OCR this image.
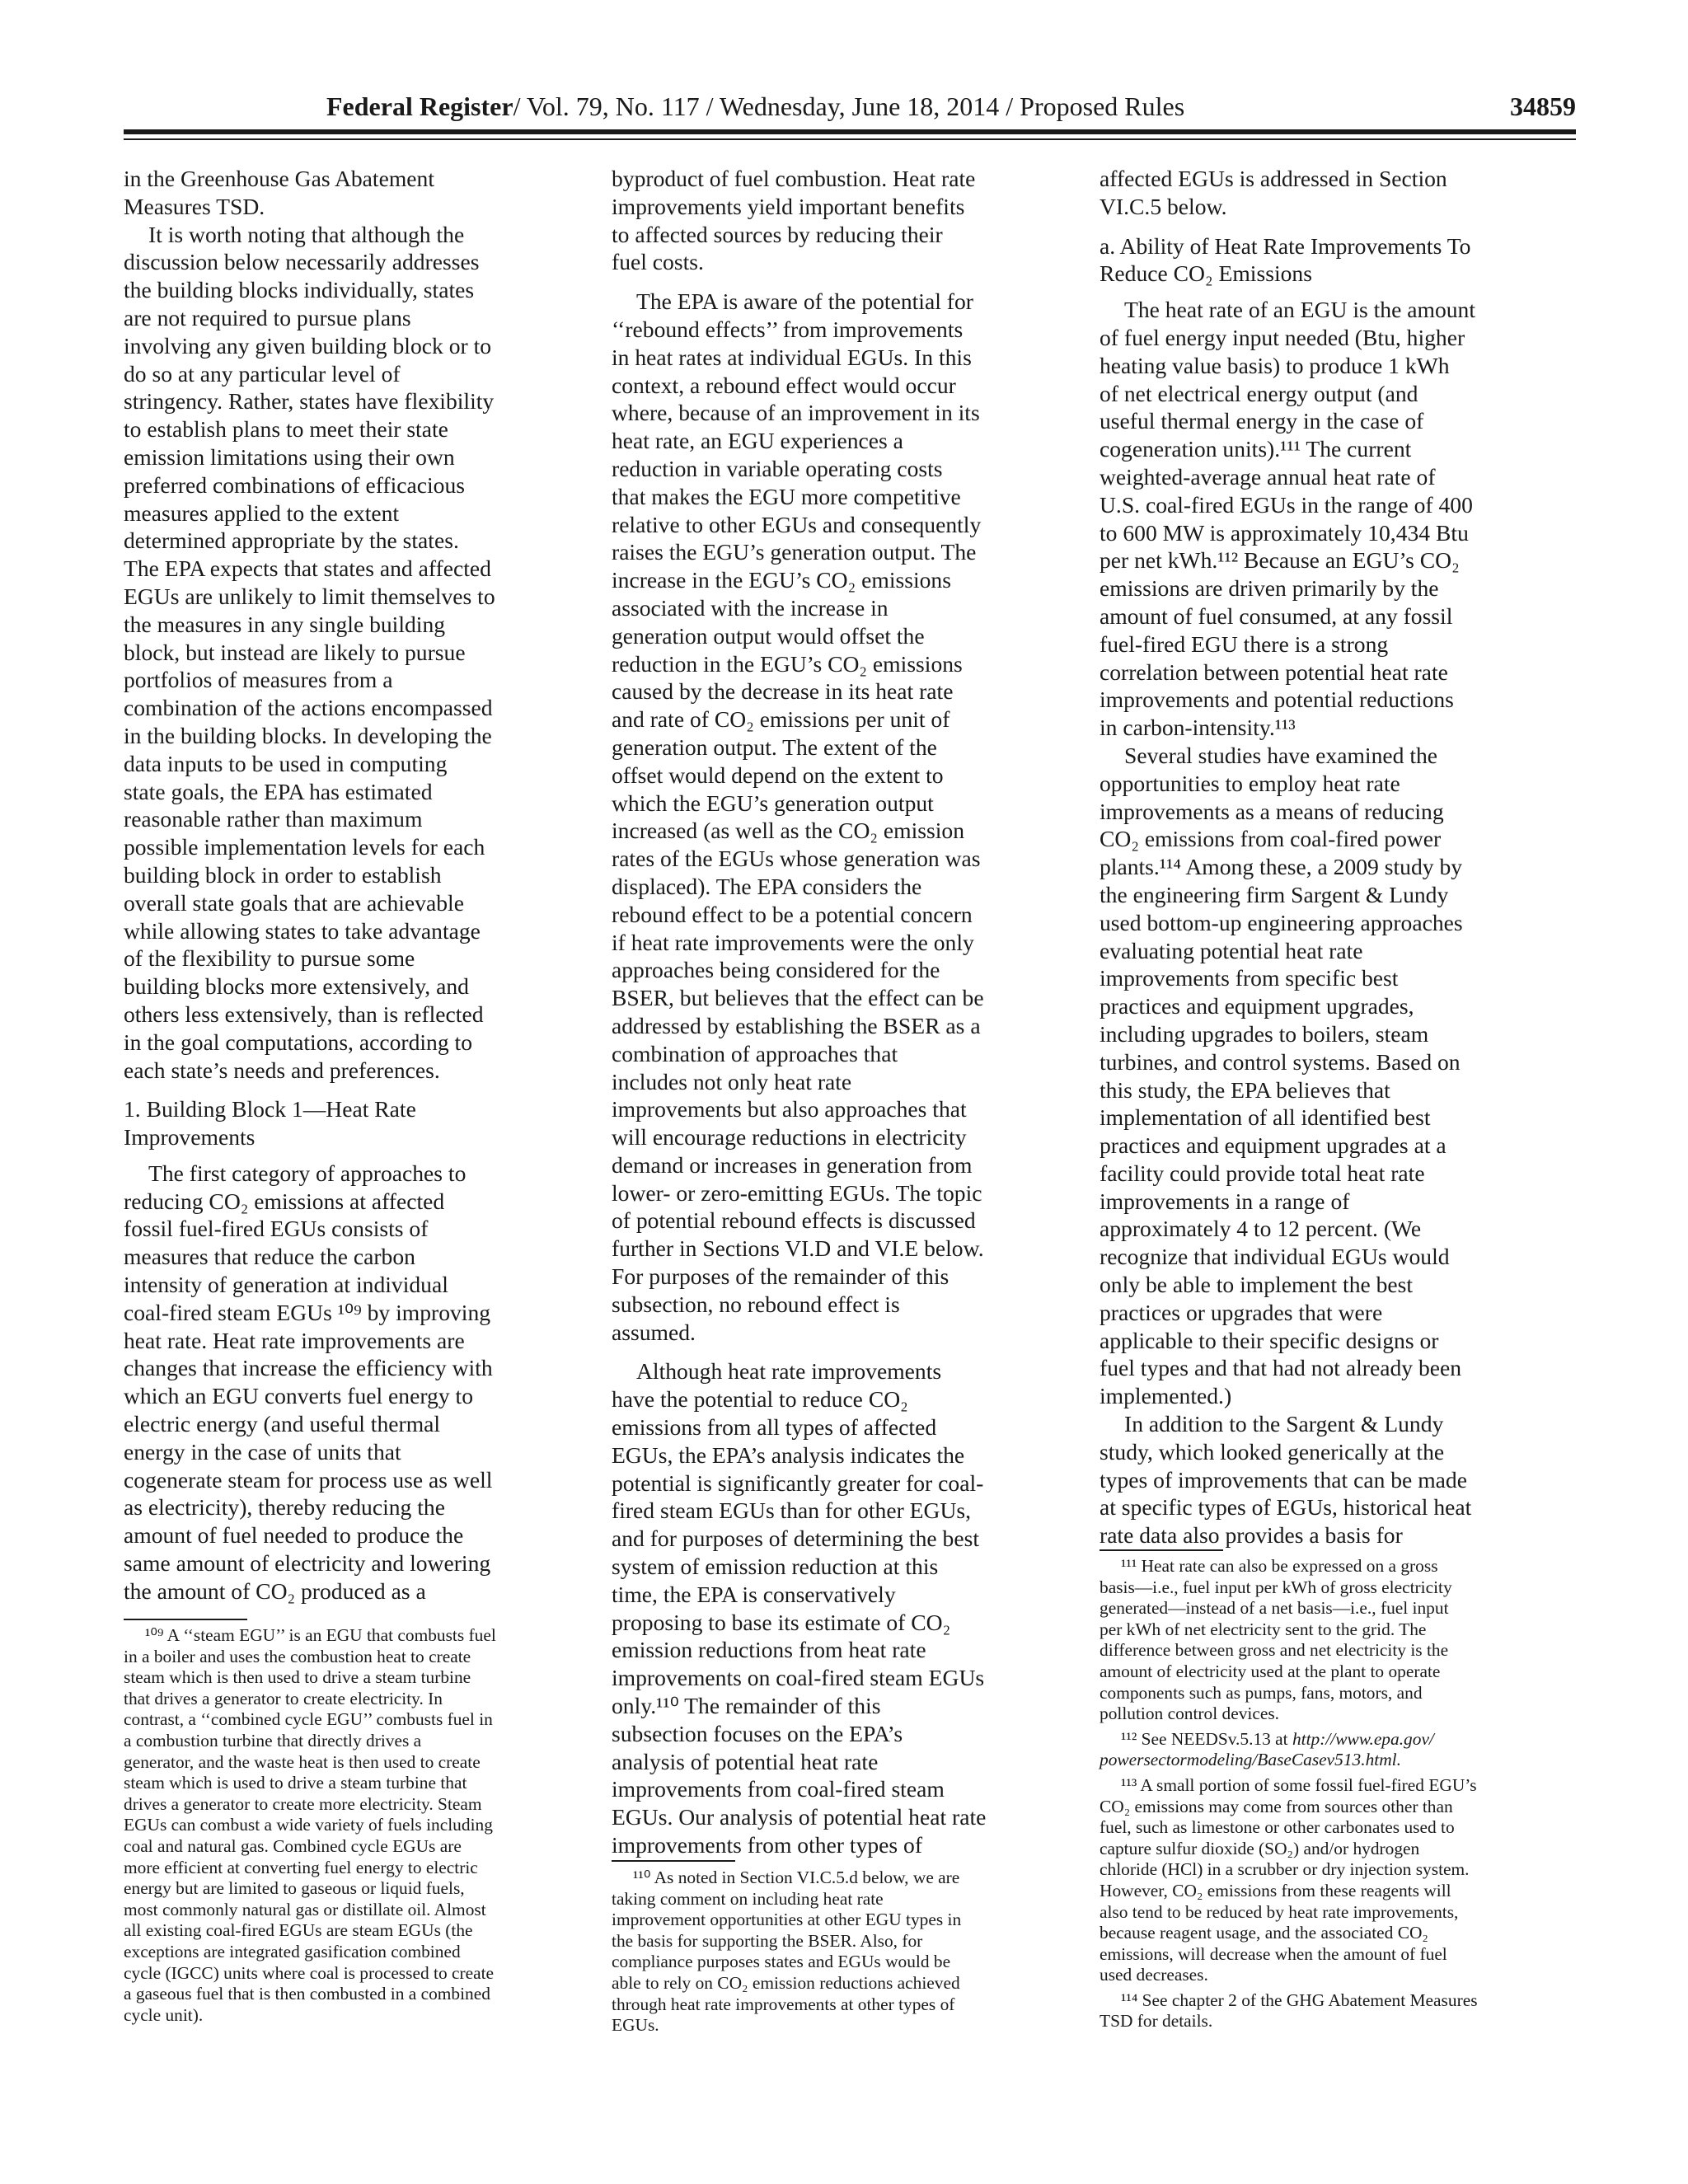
Federal Register/ Vol. 79, No. 117 / Wednesday, June 18, 2014 / Proposed Rules	34859

in the Greenhouse Gas Abatement
Measures TSD.

It is worth noting that although the
discussion below necessarily addresses
the building blocks individually, states
are not required to pursue plans
involving any given building block or to
do so at any particular level of
stringency. Rather, states have flexibility
to establish plans to meet their state
emission limitations using their own
preferred combinations of efficacious
measures applied to the extent
determined appropriate by the states.
The EPA expects that states and affected
EGUs are unlikely to limit themselves to
the measures in any single building
block, but instead are likely to pursue
portfolios of measures from a
combination of the actions encompassed
in the building blocks. In developing the
data inputs to be used in computing
state goals, the EPA has estimated
reasonable rather than maximum
possible implementation levels for each
building block in order to establish
overall state goals that are achievable
while allowing states to take advantage
of the flexibility to pursue some
building blocks more extensively, and
others less extensively, than is reflected
in the goal computations, according to
each state’s needs and preferences.

1. Building Block 1—Heat Rate
Improvements

The first category of approaches to
reducing CO₂ emissions at affected
fossil fuel-fired EGUs consists of
measures that reduce the carbon
intensity of generation at individual
coal-fired steam EGUs ¹⁰⁹ by improving
heat rate. Heat rate improvements are
changes that increase the efficiency with
which an EGU converts fuel energy to
electric energy (and useful thermal
energy in the case of units that
cogenerate steam for process use as well
as electricity), thereby reducing the
amount of fuel needed to produce the
same amount of electricity and lowering
the amount of CO₂ produced as a

¹⁰⁹ A ‘‘steam EGU’’ is an EGU that combusts fuel
in a boiler and uses the combustion heat to create
steam which is then used to drive a steam turbine
that drives a generator to create electricity. In
contrast, a ‘‘combined cycle EGU’’ combusts fuel in
a combustion turbine that directly drives a
generator, and the waste heat is then used to create
steam which is used to drive a steam turbine that
drives a generator to create more electricity. Steam
EGUs can combust a wide variety of fuels including
coal and natural gas. Combined cycle EGUs are
more efficient at converting fuel energy to electric
energy but are limited to gaseous or liquid fuels,
most commonly natural gas or distillate oil. Almost
all existing coal-fired EGUs are steam EGUs (the
exceptions are integrated gasification combined
cycle (IGCC) units where coal is processed to create
a gaseous fuel that is then combusted in a combined
cycle unit).

byproduct of fuel combustion. Heat rate
improvements yield important benefits
to affected sources by reducing their
fuel costs.

The EPA is aware of the potential for
‘‘rebound effects’’ from improvements
in heat rates at individual EGUs. In this
context, a rebound effect would occur
where, because of an improvement in its
heat rate, an EGU experiences a
reduction in variable operating costs
that makes the EGU more competitive
relative to other EGUs and consequently
raises the EGU’s generation output. The
increase in the EGU’s CO₂ emissions
associated with the increase in
generation output would offset the
reduction in the EGU’s CO₂ emissions
caused by the decrease in its heat rate
and rate of CO₂ emissions per unit of
generation output. The extent of the
offset would depend on the extent to
which the EGU’s generation output
increased (as well as the CO₂ emission
rates of the EGUs whose generation was
displaced). The EPA considers the
rebound effect to be a potential concern
if heat rate improvements were the only
approaches being considered for the
BSER, but believes that the effect can be
addressed by establishing the BSER as a
combination of approaches that
includes not only heat rate
improvements but also approaches that
will encourage reductions in electricity
demand or increases in generation from
lower- or zero-emitting EGUs. The topic
of potential rebound effects is discussed
further in Sections VI.D and VI.E below.
For purposes of the remainder of this
subsection, no rebound effect is
assumed.

Although heat rate improvements
have the potential to reduce CO₂
emissions from all types of affected
EGUs, the EPA’s analysis indicates the
potential is significantly greater for coal-
fired steam EGUs than for other EGUs,
and for purposes of determining the best
system of emission reduction at this
time, the EPA is conservatively
proposing to base its estimate of CO₂
emission reductions from heat rate
improvements on coal-fired steam EGUs
only.¹¹⁰ The remainder of this
subsection focuses on the EPA’s
analysis of potential heat rate
improvements from coal-fired steam
EGUs. Our analysis of potential heat rate
improvements from other types of

¹¹⁰ As noted in Section VI.C.5.d below, we are
taking comment on including heat rate
improvement opportunities at other EGU types in
the basis for supporting the BSER. Also, for
compliance purposes states and EGUs would be
able to rely on CO₂ emission reductions achieved
through heat rate improvements at other types of
EGUs.

affected EGUs is addressed in Section
VI.C.5 below.

a. Ability of Heat Rate Improvements To
Reduce CO₂ Emissions

The heat rate of an EGU is the amount
of fuel energy input needed (Btu, higher
heating value basis) to produce 1 kWh
of net electrical energy output (and
useful thermal energy in the case of
cogeneration units).¹¹¹ The current
weighted-average annual heat rate of
U.S. coal-fired EGUs in the range of 400
to 600 MW is approximately 10,434 Btu
per net kWh.¹¹² Because an EGU’s CO₂
emissions are driven primarily by the
amount of fuel consumed, at any fossil
fuel-fired EGU there is a strong
correlation between potential heat rate
improvements and potential reductions
in carbon-intensity.¹¹³

Several studies have examined the
opportunities to employ heat rate
improvements as a means of reducing
CO₂ emissions from coal-fired power
plants.¹¹⁴ Among these, a 2009 study by
the engineering firm Sargent & Lundy
used bottom-up engineering approaches
evaluating potential heat rate
improvements from specific best
practices and equipment upgrades,
including upgrades to boilers, steam
turbines, and control systems. Based on
this study, the EPA believes that
implementation of all identified best
practices and equipment upgrades at a
facility could provide total heat rate
improvements in a range of
approximately 4 to 12 percent. (We
recognize that individual EGUs would
only be able to implement the best
practices or upgrades that were
applicable to their specific designs or
fuel types and that had not already been
implemented.)

In addition to the Sargent & Lundy
study, which looked generically at the
types of improvements that can be made
at specific types of EGUs, historical heat
rate data also provides a basis for

¹¹¹ Heat rate can also be expressed on a gross
basis—i.e., fuel input per kWh of gross electricity
generated—instead of a net basis—i.e., fuel input
per kWh of net electricity sent to the grid. The
difference between gross and net electricity is the
amount of electricity used at the plant to operate
components such as pumps, fans, motors, and
pollution control devices.

¹¹² See NEEDSv.5.13 at http://www.epa.gov/
powersectormodeling/BaseCasev513.html.

¹¹³ A small portion of some fossil fuel-fired EGU’s
CO₂ emissions may come from sources other than
fuel, such as limestone or other carbonates used to
capture sulfur dioxide (SO₂) and/or hydrogen
chloride (HCl) in a scrubber or dry injection system.
However, CO₂ emissions from these reagents will
also tend to be reduced by heat rate improvements,
because reagent usage, and the associated CO₂
emissions, will decrease when the amount of fuel
used decreases.

¹¹⁴ See chapter 2 of the GHG Abatement Measures
TSD for details.
